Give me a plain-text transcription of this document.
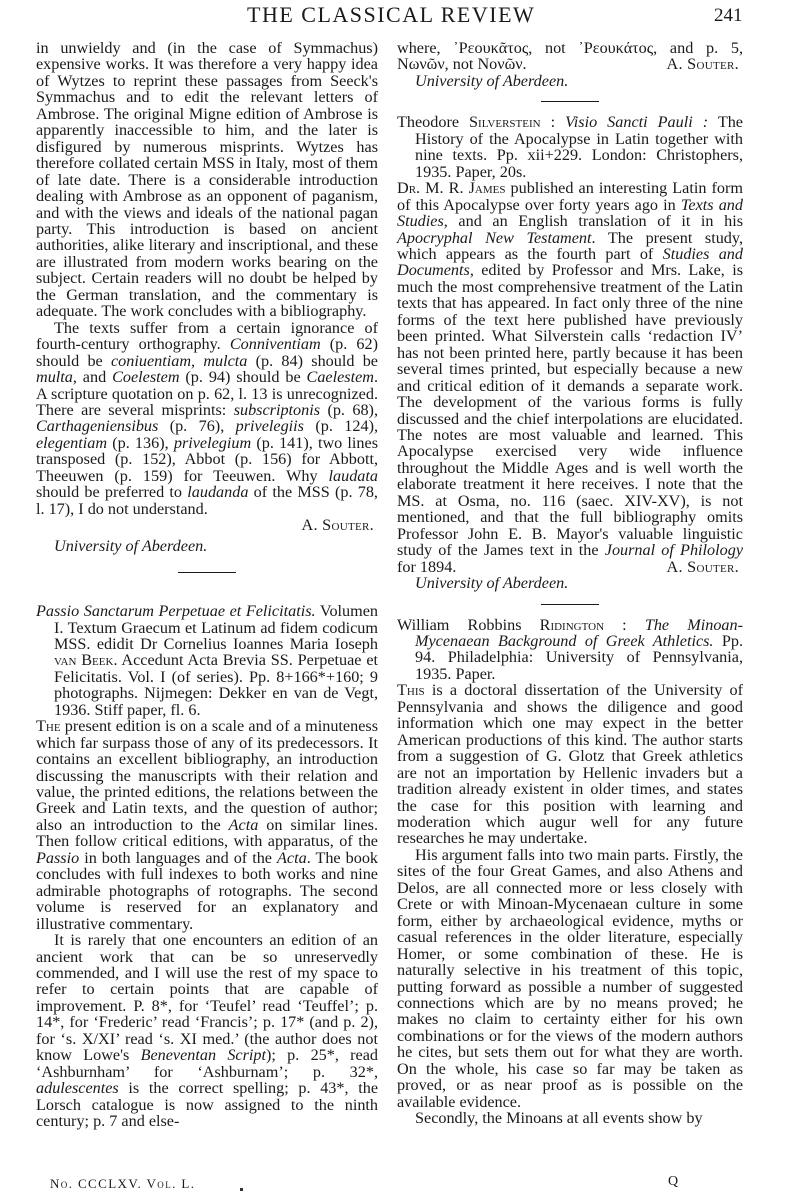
THE CLASSICAL REVIEW	241

in unwieldy and (in the case of Symmachus) expensive works. It was therefore a very happy idea of Wytzes to reprint these passages from Seeck's Symmachus and to edit the relevant letters of Ambrose. The original Migne edition of Ambrose is apparently inaccessible to him, and the later is disfigured by numerous misprints. Wytzes has therefore collated certain MSS in Italy, most of them of late date. There is a considerable introduction dealing with Ambrose as an opponent of paganism, and with the views and ideals of the national pagan party. This introduction is based on ancient authorities, alike literary and inscriptional, and these are illustrated from modern works bearing on the subject. Certain readers will no doubt be helped by the German translation, and the commentary is adequate. The work concludes with a bibliography.

The texts suffer from a certain ignorance of fourth-century orthography. Conniventiam (p. 62) should be coniuentiam, mulcta (p. 84) should be multa, and Coelestem (p. 94) should be Caelestem. A scripture quotation on p. 62, l. 13 is unrecognized. There are several misprints: subscriptonis (p. 68), Carthageniensibus (p. 76), privelegiis (p. 124), elegentiam (p. 136), privelegium (p. 141), two lines transposed (p. 152), Abbot (p. 156) for Abbott, Theeuwen (p. 159) for Teeuwen. Why laudata should be preferred to laudanda of the MSS (p. 78, l. 17), I do not understand.

A. Souter.

University of Aberdeen.

Passio Sanctarum Perpetuae et Felicitatis. Volumen I. Textum Graecum et Latinum ad fidem codicum MSS. edidit Dr Cornelius Ioannes Maria Ioseph van Beek. Accedunt Acta Brevia SS. Perpetuae et Felicitatis. Vol. I (of series). Pp. 8+166*+160; 9 photographs. Nijmegen: Dekker en van de Vegt, 1936. Stiff paper, fl. 6.

The present edition is on a scale and of a minuteness which far surpass those of any of its predecessors. It contains an excellent bibliography, an introduction discussing the manuscripts with their relation and value, the printed editions, the relations between the Greek and Latin texts, and the question of author; also an introduction to the Acta on similar lines. Then follow critical editions, with apparatus, of the Passio in both languages and of the Acta. The book concludes with full indexes to both works and nine admirable photographs of rotographs. The second volume is reserved for an explanatory and illustrative commentary.

It is rarely that one encounters an edition of an ancient work that can be so unreservedly commended, and I will use the rest of my space to refer to certain points that are capable of improvement. P. 8*, for ‘Teufel’ read ‘Teuffel’; p. 14*, for ‘Frederic’ read ‘Francis’; p. 17* (and p. 2), for ‘s. X/XI’ read ‘s. XI med.’ (the author does not know Lowe's Beneventan Script); p. 25*, read ‘Ashburnham’ for ‘Ashburnam’; p. 32*, adulescentes is the correct spelling; p. 43*, the Lorsch catalogue is now assigned to the ninth century; p. 7 and else-

where, ᾿Ρεουκᾶτος, not ᾿Ρεουκάτος, and p. 5, Νωνῶν, not Νονῶν.	A. Souter.

University of Aberdeen.

Theodore Silverstein : Visio Sancti Pauli : The History of the Apocalypse in Latin together with nine texts. Pp. xii+229. London: Christophers, 1935. Paper, 20s.

Dr. M. R. James published an interesting Latin form of this Apocalypse over forty years ago in Texts and Studies, and an English translation of it in his Apocryphal New Testament. The present study, which appears as the fourth part of Studies and Documents, edited by Professor and Mrs. Lake, is much the most comprehensive treatment of the Latin texts that has appeared. In fact only three of the nine forms of the text here published have previously been printed. What Silverstein calls ‘redaction IV’ has not been printed here, partly because it has been several times printed, but especially because a new and critical edition of it demands a separate work. The development of the various forms is fully discussed and the chief interpolations are elucidated. The notes are most valuable and learned. This Apocalypse exercised very wide influence throughout the Middle Ages and is well worth the elaborate treatment it here receives. I note that the MS. at Osma, no. 116 (saec. XIV-XV), is not mentioned, and that the full bibliography omits Professor John E. B. Mayor's valuable linguistic study of the James text in the Journal of Philology for 1894.	A. Souter.

University of Aberdeen.

William Robbins Ridington : The Minoan-Mycenaean Background of Greek Athletics. Pp. 94. Philadelphia: University of Pennsylvania, 1935. Paper.

This is a doctoral dissertation of the University of Pennsylvania and shows the diligence and good information which one may expect in the better American productions of this kind. The author starts from a suggestion of G. Glotz that Greek athletics are not an importation by Hellenic invaders but a tradition already existent in older times, and states the case for this position with learning and moderation which augur well for any future researches he may undertake.

His argument falls into two main parts. Firstly, the sites of the four Great Games, and also Athens and Delos, are all connected more or less closely with Crete or with Minoan-Mycenaean culture in some form, either by archaeological evidence, myths or casual references in the older literature, especially Homer, or some combination of these. He is naturally selective in his treatment of this topic, putting forward as possible a number of suggested connections which are by no means proved; he makes no claim to certainty either for his own combinations or for the views of the modern authors he cites, but sets them out for what they are worth. On the whole, his case so far may be taken as proved, or as near proof as is possible on the available evidence.

Secondly, the Minoans at all events show by

No. CCCLXV. Vol. L.	Q
